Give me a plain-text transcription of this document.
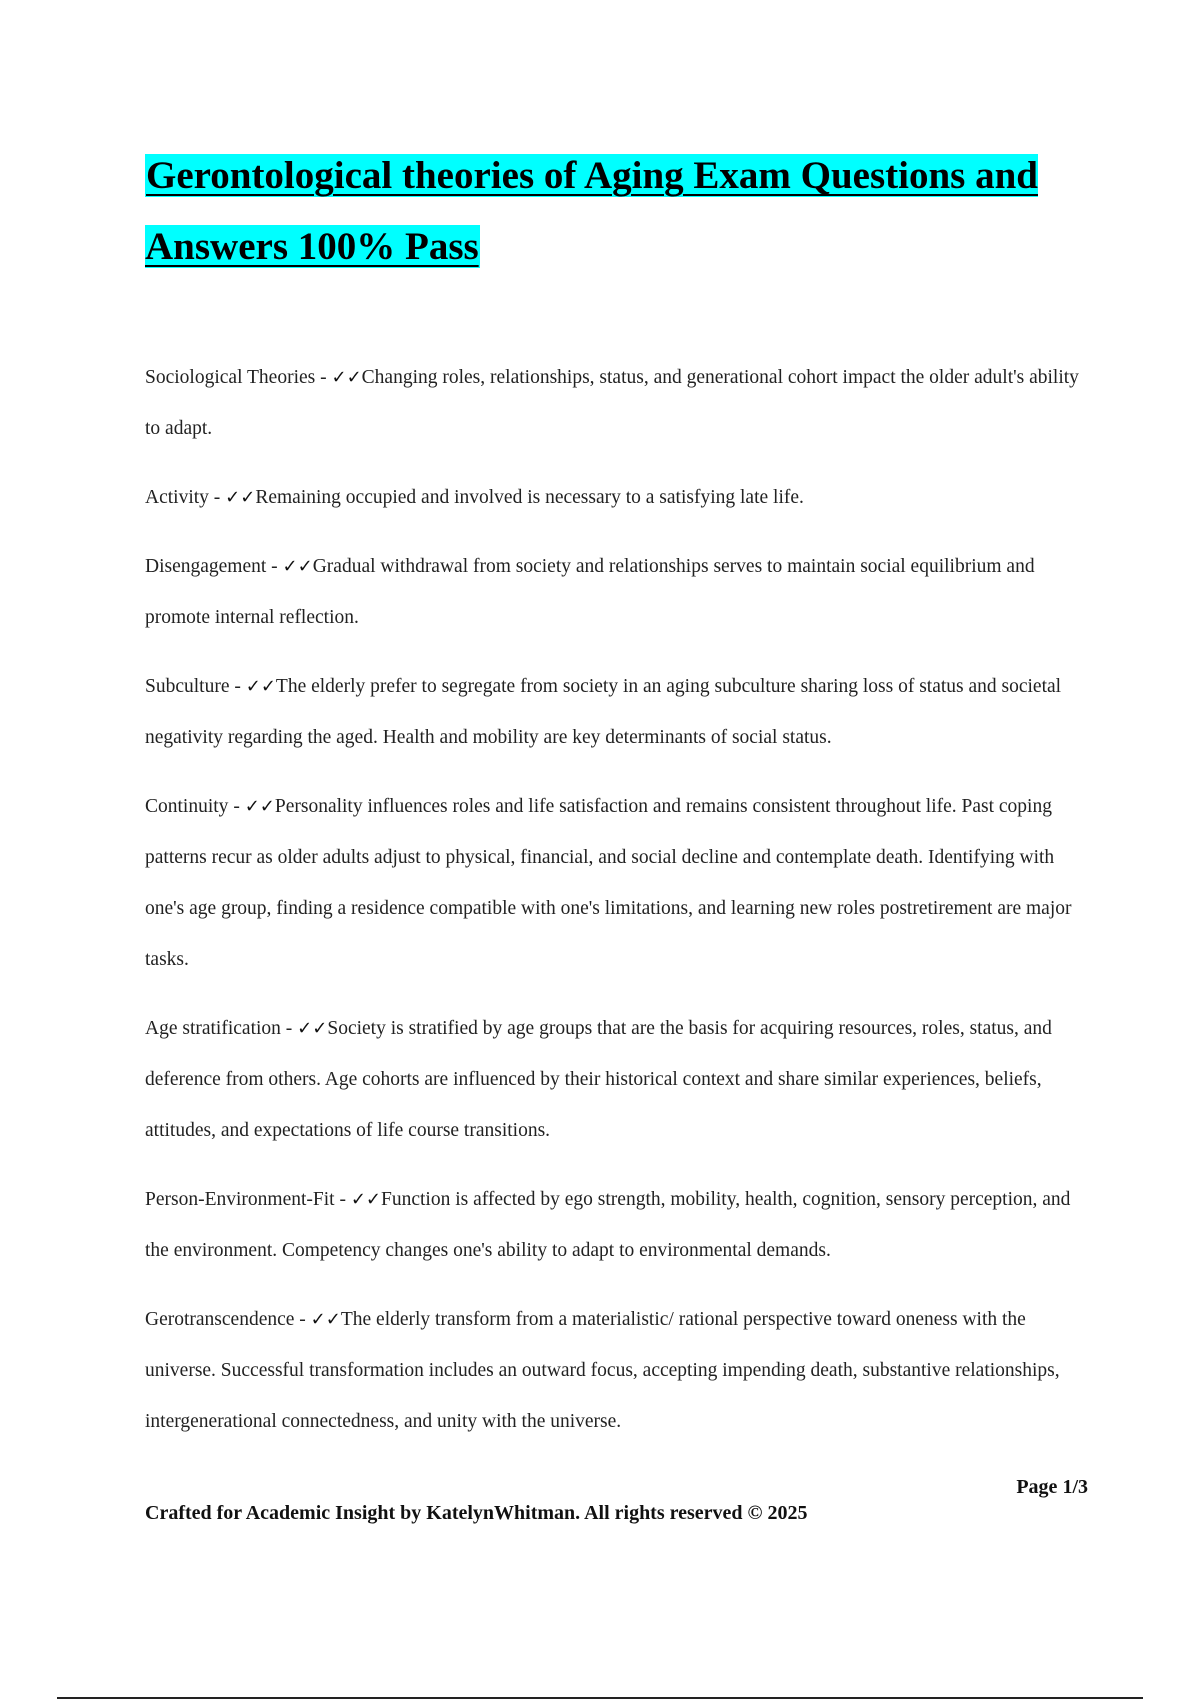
Gerontological theories of Aging Exam Questions and Answers 100% Pass

Sociological Theories - ✓✓Changing roles, relationships, status, and generational cohort impact the older adult's ability to adapt.

Activity - ✓✓Remaining occupied and involved is necessary to a satisfying late life.

Disengagement - ✓✓Gradual withdrawal from society and relationships serves to maintain social equilibrium and promote internal reflection.

Subculture - ✓✓The elderly prefer to segregate from society in an aging subculture sharing loss of status and societal negativity regarding the aged. Health and mobility are key determinants of social status.

Continuity - ✓✓Personality influences roles and life satisfaction and remains consistent throughout life. Past coping patterns recur as older adults adjust to physical, financial, and social decline and contemplate death. Identifying with one's age group, finding a residence compatible with one's limitations, and learning new roles postretirement are major tasks.

Age stratification - ✓✓Society is stratified by age groups that are the basis for acquiring resources, roles, status, and deference from others. Age cohorts are influenced by their historical context and share similar experiences, beliefs, attitudes, and expectations of life course transitions.

Person-Environment-Fit - ✓✓Function is affected by ego strength, mobility, health, cognition, sensory perception, and the environment. Competency changes one's ability to adapt to environmental demands.

Gerotranscendence - ✓✓The elderly transform from a materialistic/ rational perspective toward oneness with the universe. Successful transformation includes an outward focus, accepting impending death, substantive relationships, intergenerational connectedness, and unity with the universe.

Page 1/3
Crafted for Academic Insight by KatelynWhitman. All rights reserved © 2025
